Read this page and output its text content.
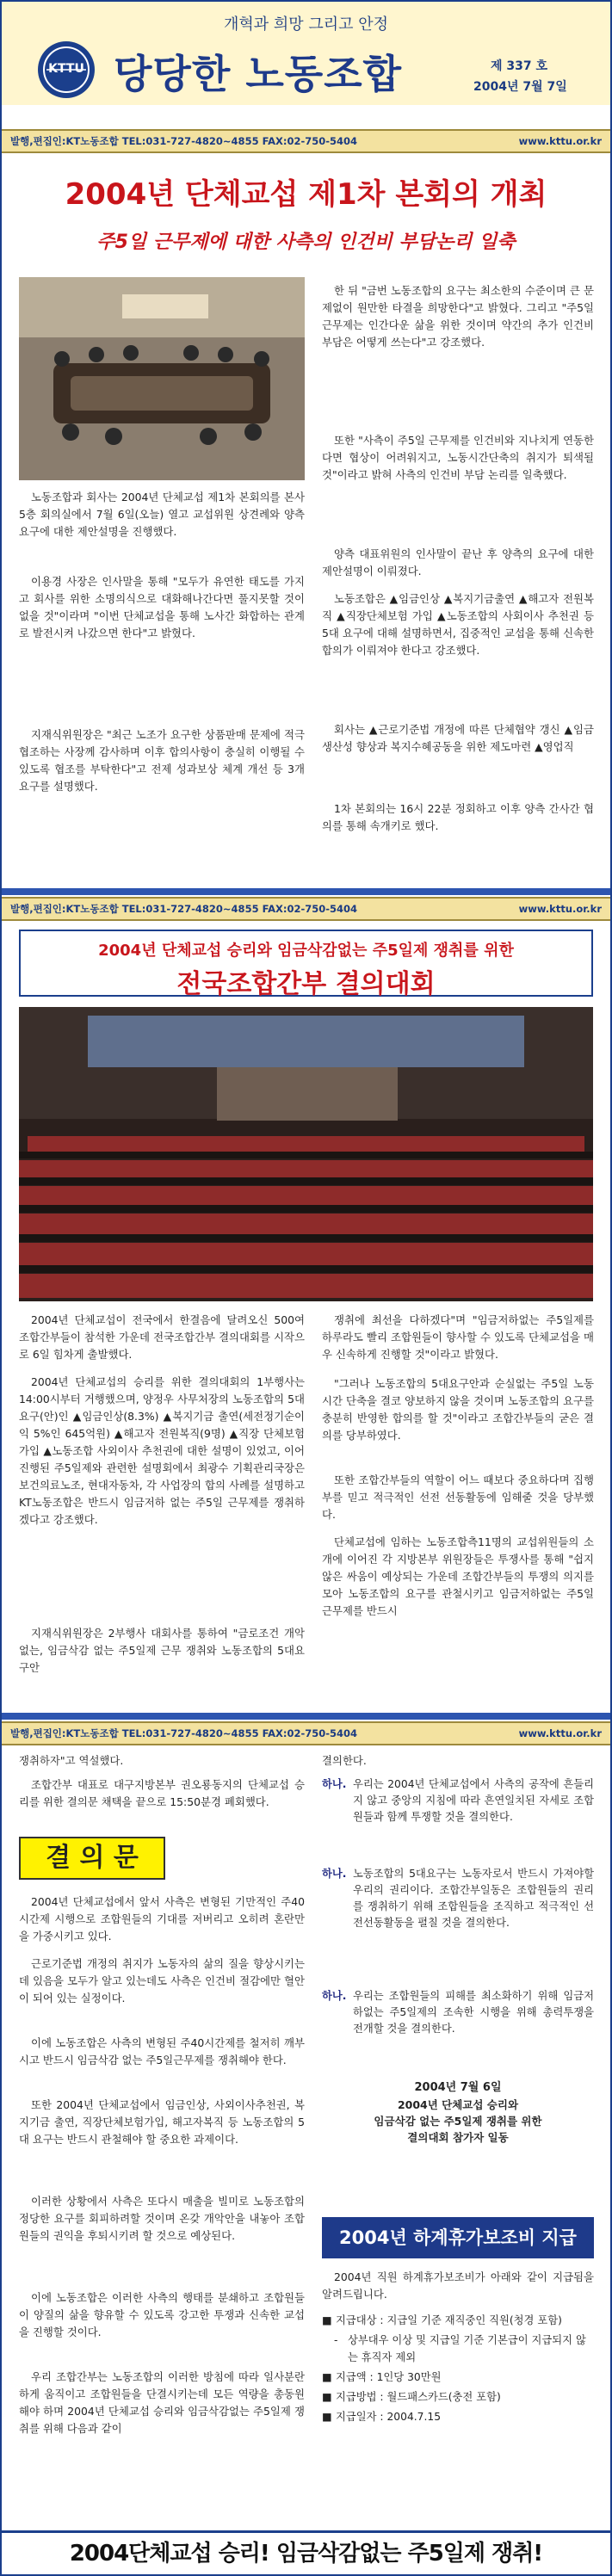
개혁과 희망 그리고 안정
KTTU 당당한 노동조합	제 337 호
2004년 7월 7일
발행,편집인:KT노동조합 TEL:031-727-4820~4855 FAX:02-750-5404	www.kttu.or.kr
2004년 단체교섭 제1차 본회의 개최
주5일 근무제에 대한 사측의 인건비 부담논리 일축

노동조합과 회사는 2004년 단체교섭 제1차 본회의를 본사5층 회의실에서 7월 6일(오늘) 열고 교섭위원 상견례와 양측 요구에 대한 제안설명을 진행했다.

이용경 사장은 인사말을 통해 "모두가 유연한 태도를 가지고 회사를 위한 소명의식으로 대화해나간다면 풀지못할 것이 없을 것"이라며 "이번 단체교섭을 통해 노사간 화합하는 관계로 발전시켜 나갔으면 한다"고 밝혔다.

지재식위원장은 "최근 노조가 요구한 상품판매 문제에 적극 협조하는 사장께 감사하며 이후 합의사항이 충실히 이행될 수 있도록 협조를 부탁한다"고 전제 성과보상 체계 개선 등 3개 요구를 설명했다.

한 뒤 "금번 노동조합의 요구는 최소한의 수준이며 큰 문제없이 원만한 타결을 희망한다"고 밝혔다. 그리고 "주5일 근무제는 인간다운 삶을 위한 것이며 약간의 추가 인건비 부담은 어떻게 쓰는다"고 강조했다.

또한 "사측이 주5일 근무제를 인건비와 지나치게 연동한다면 협상이 어려워지고, 노동시간단축의 취지가 퇴색될 것"이라고 밝혀 사측의 인건비 부담 논리를 일축했다.

양측 대표위원의 인사말이 끝난 후 양측의 요구에 대한 제안설명이 이뤄졌다.

노동조합은 ▲임금인상 ▲복지기금출연 ▲해고자 전원복직 ▲직장단체보험 가입 ▲노동조합의 사회이사 추천권 등 5대 요구에 대해 설명하면서, 집중적인 교섭을 통해 신속한 합의가 이뤄져야 한다고 강조했다.

회사는 ▲근로기준법 개정에 따른 단체협약 갱신 ▲임금 생산성 향상과 복지수혜공동을 위한 제도마련 ▲영업직

1차 본회의는 16시 22분 정회하고 이후 양측 간사간 협의를 통해 속개키로 했다.

발행,편집인:KT노동조합 TEL:031-727-4820~4855 FAX:02-750-5404	www.kttu.or.kr
2004년 단체교섭 승리와 임금삭감없는 주5일제 쟁취를 위한
전국조합간부 결의대회

2004년 단체교섭이 전국에서 한결음에 달려오신 500여 조합간부들이 참석한 가운데 전국조합간부 결의대회를 시작으로 6일 힘차게 출발했다.

2004년 단체교섭의 승리를 위한 결의대회의 1부행사는 14:00시부터 거행했으며, 양정우 사무처장의 노동조합의 5대요구(안)인 ▲임금인상(8.3%) ▲복지기금 출연(세전정기순이익 5%인 645억원) ▲해고자 전원복직(9명) ▲직장 단체보험 가입 ▲노동조합 사외이사 추천권에 대한 설명이 있었고, 이어 진행된 주5일제와 관련한 설명회에서 최광수 기획관리국장은 보건의료노조, 현대자동차, 각 사업장의 합의 사례를 설명하고 KT노동조합은 반드시 임금저하 없는 주5일 근무제를 쟁취하겠다고 강조했다.

지재식위원장은 2부행사 대회사를 통하여 "금로조건 개악없는, 임금삭감 없는 주5일제 근무 쟁취와 노동조합의 5대요구안

쟁취에 최선을 다하겠다"며 "임금저하없는 주5일제를 하루라도 빨리 조합원들이 향사할 수 있도록 단체교섭을 매우 신속하게 진행할 것"이라고 밝혔다.

"그러나 노동조합의 5대요구안과 순실없는 주5일 노동시간 단축을 결코 양보하지 않을 것이며 노동조합의 요구를 충분히 반영한 합의를 할 것"이라고 조합간부들의 굳은 결의를 당부하였다.

또한 조합간부들의 역할이 어느 때보다 중요하다며 집행부를 믿고 적극적인 선전 선동활동에 임해줄 것을 당부했다.

단체교섭에 임하는 노동조합측11명의 교섭위원들의 소개에 이어진 각 지방본부 위원장들은 투쟁사를 통해 "쉽지 않은 싸움이 예상되는 가운데 조합간부들의 투쟁의 의지를 모아 노동조합의 요구를 관철시키고 임금저하없는 주5일 근무제를 반드시

발행,편집인:KT노동조합 TEL:031-727-4820~4855 FAX:02-750-5404	www.kttu.or.kr

쟁취하자"고 역설했다.

조합간부 대표로 대구지방본부 권오룡동지의 단체교섭 승리를 위한 결의문 채택을 끝으로 15:50분경 폐회했다.

결 의 문

2004년 단체교섭에서 앞서 사측은 변형된 기만적인 주40시간제 시행으로 조합원들의 기대를 저버리고 오히려 혼란만을 가중시키고 있다.

근로기준법 개정의 취지가 노동자의 삶의 질을 향상시키는 데 있음을 모두가 알고 있는데도 사측은 인건비 절감에만 혈안이 되어 있는 실정이다.

이에 노동조합은 사측의 변형된 주40시간제를 철저히 깨부시고 반드시 임금삭감 없는 주5일근무제를 쟁취해야 한다.

또한 2004년 단체교섭에서 임금인상, 사외이사추천권, 복지기금 출연, 직장단체보험가입, 해고자복직 등 노동조합의 5대 요구는 반드시 관철해야 할 중요한 과제이다.

이러한 상황에서 사측은 또다시 매출을 빌미로 노동조합의 정당한 요구를 회피하려할 것이며 온갖 개악안을 내놓아 조합원들의 권익을 후퇴시키려 할 것으로 예상된다.

이에 노동조합은 이러한 사측의 행태를 분쇄하고 조합원들이 양질의 삶을 향유할 수 있도록 강고한 투쟁과 신속한 교섭을 진행할 것이다.

우리 조합간부는 노동조합의 이러한 방침에 따라 일사분란하게 움직이고 조합원들을 단결시키는데 모든 역량을 총동원해야 하며 2004년 단체교섭 승리와 임금삭감없는 주5일제 쟁취를 위해 다음과 같이

결의한다.

하나. 우리는 2004년 단체교섭에서 사측의 공작에 흔들리지 않고 중앙의 지침에 따라 흔연일치된 자세로 조합원들과 함께 투쟁할 것을 결의한다.
하나. 노동조합의 5대요구는 노동자로서 반드시 가져야할 우리의 권리이다. 조합간부일동은 조합원들의 권리를 쟁취하기 위해 조합원들을 조직하고 적극적인 선전선동활동을 펼칠 것을 결의한다.
하나. 우리는 조합원들의 피해를 최소화하기 위해 임금저하없는 주5일제의 조속한 시행을 위해 총력투쟁을 전개할 것을 결의한다.
2004년 7월 6일
2004년 단체교섭 승리와
임금삭감 없는 주5일제 쟁취를 위한
결의대회 참가자 일동
2004년 하계휴가보조비 지급

2004년 직원 하계휴가보조비가 아래와 같이 지급됨을 알려드립니다.

■ 지급대상 : 지급일 기준 재직중인 직원(청경 포함)
- 상부대우 이상 및 지급일 기준 기본급이 지급되지 않는 휴직자 제외
■ 지급액 : 1인당 30만원
■ 지급방법 : 월드패스카드(충전 포함)
■ 지급일자 : 2004.7.15
2004단체교섭 승리! 임금삭감없는 주5일제 쟁취!
